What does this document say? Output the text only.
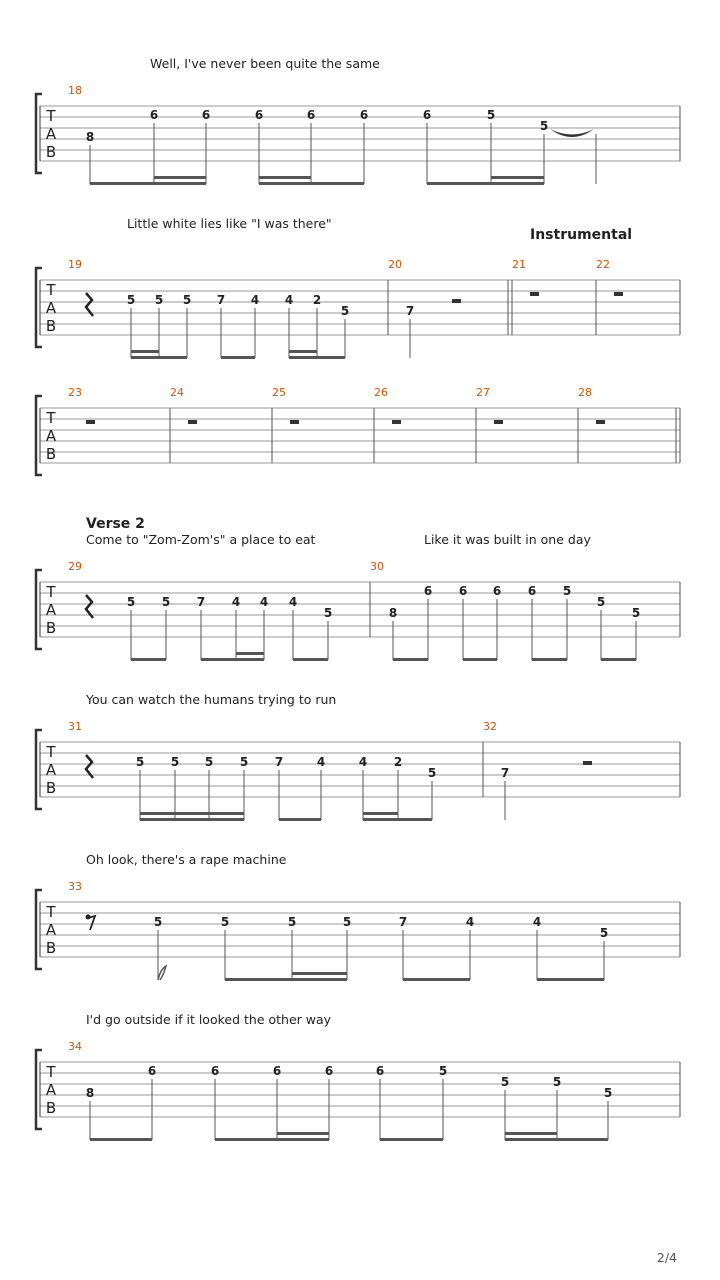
2/4
Well, I've never been quite the same
T
A
B
18
8
6	6	6	6	6	6	5
5
Little white lies like "I was there"
Instrumental
T
A
B
19	20	21	22
5 5 5 7 4 4 2
5	7
T
A
B
23	24	25	26	27	28
Verse 2
Come to "Zom-Zom's" a place to eat	Like it was built in one day
T
A
B
29	30
5 5 7 4 4 4
5	8
6 6 6 6 5
5
5
You can watch the humans trying to run
T
A
B
31	32
5 5 5 5 7	4	4 2
5	7
Oh look, there's a rape machine
T
A
B
33
5	5	5	5	7	4	4
5
I'd go outside if it looked the other way
T
A
B
34
8
6	6	6	6	6	5
5	5
5
